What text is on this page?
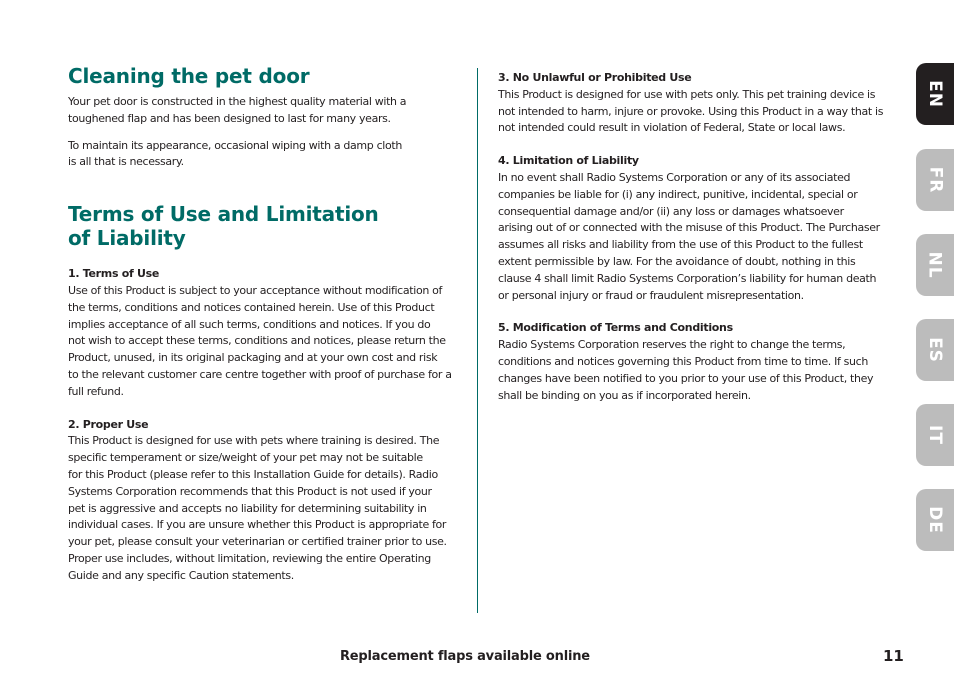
Cleaning the pet door

Your pet door is constructed in the highest quality material with a
toughened flap and has been designed to last for many years.

To maintain its appearance, occasional wiping with a damp cloth
is all that is necessary.

Terms of Use and Limitation
of Liability

1. Terms of Use

Use of this Product is subject to your acceptance without modification of
the terms, conditions and notices contained herein. Use of this Product
implies acceptance of all such terms, conditions and notices. If you do
not wish to accept these terms, conditions and notices, please return the
Product, unused, in its original packaging and at your own cost and risk
to the relevant customer care centre together with proof of purchase for a
full refund.

2. Proper Use

This Product is designed for use with pets where training is desired. The
specific temperament or size/weight of your pet may not be suitable
for this Product (please refer to this Installation Guide for details). Radio
Systems Corporation recommends that this Product is not used if your
pet is aggressive and accepts no liability for determining suitability in
individual cases. If you are unsure whether this Product is appropriate for
your pet, please consult your veterinarian or certified trainer prior to use.
Proper use includes, without limitation, reviewing the entire Operating
Guide and any specific Caution statements.

3. No Unlawful or Prohibited Use

This Product is designed for use with pets only. This pet training device is
not intended to harm, injure or provoke. Using this Product in a way that is
not intended could result in violation of Federal, State or local laws.

4. Limitation of Liability

In no event shall Radio Systems Corporation or any of its associated
companies be liable for (i) any indirect, punitive, incidental, special or
consequential damage and/or (ii) any loss or damages whatsoever
arising out of or connected with the misuse of this Product. The Purchaser
assumes all risks and liability from the use of this Product to the fullest
extent permissible by law. For the avoidance of doubt, nothing in this
clause 4 shall limit Radio Systems Corporation’s liability for human death
or personal injury or fraud or fraudulent misrepresentation.

5. Modification of Terms and Conditions

Radio Systems Corporation reserves the right to change the terms,
conditions and notices governing this Product from time to time. If such
changes have been notified to you prior to your use of this Product, they
shall be binding on you as if incorporated herein.

EN
FR
NL
ES
IT
DE
Replacement flaps available online	11
